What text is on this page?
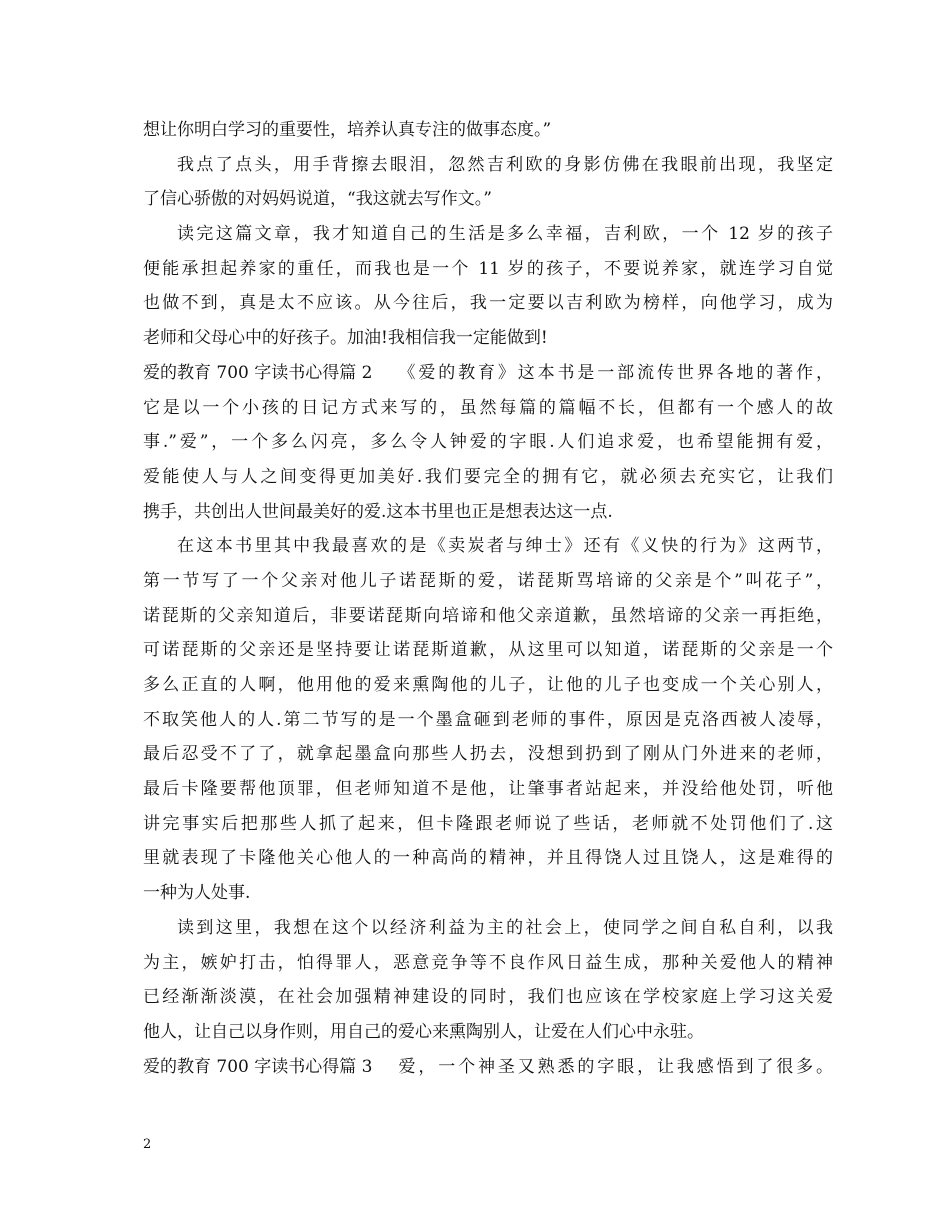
想让你明白学习的重要性，培养认真专注的做事态度。”
我点了点头，用手背擦去眼泪，忽然吉利欧的身影仿佛在我眼前出现，我坚定
了信心骄傲的对妈妈说道，“我这就去写作文。”
读完这篇文章，我才知道自己的生活是多么幸福，吉利欧，一个 12 岁的孩子
便能承担起养家的重任，而我也是一个 11 岁的孩子，不要说养家，就连学习自觉
也做不到，真是太不应该。从今往后，我一定要以吉利欧为榜样，向他学习，成为
老师和父母心中的好孩子。加油!我相信我一定能做到!
爱的教育 700 字读书心得篇 2	《爱的教育》这本书是一部流传世界各地的著作，
它是以一个小孩的日记方式来写的，虽然每篇的篇幅不长，但都有一个感人的故
事.”爱”，一个多么闪亮，多么令人钟爱的字眼.人们追求爱，也希望能拥有爱，
爱能使人与人之间变得更加美好.我们要完全的拥有它，就必须去充实它，让我们
携手，共创出人世间最美好的爱.这本书里也正是想表达这一点.
在这本书里其中我最喜欢的是《卖炭者与绅士》还有《义快的行为》这两节，
第一节写了一个父亲对他儿子诺琵斯的爱，诺琵斯骂培谛的父亲是个”叫花子”，
诺琵斯的父亲知道后，非要诺琵斯向培谛和他父亲道歉，虽然培谛的父亲一再拒绝，
可诺琵斯的父亲还是坚持要让诺琵斯道歉，从这里可以知道，诺琵斯的父亲是一个
多么正直的人啊，他用他的爱来熏陶他的儿子，让他的儿子也变成一个关心别人，
不取笑他人的人.第二节写的是一个墨盒砸到老师的事件，原因是克洛西被人凌辱，
最后忍受不了了，就拿起墨盒向那些人扔去，没想到扔到了刚从门外进来的老师，
最后卡隆要帮他顶罪，但老师知道不是他，让肇事者站起来，并没给他处罚，听他
讲完事实后把那些人抓了起来，但卡隆跟老师说了些话，老师就不处罚他们了.这
里就表现了卡隆他关心他人的一种高尚的精神，并且得饶人过且饶人，这是难得的
一种为人处事.
读到这里，我想在这个以经济利益为主的社会上，使同学之间自私自利，以我
为主，嫉妒打击，怕得罪人，恶意竞争等不良作风日益生成，那种关爱他人的精神
已经渐渐淡漠，在社会加强精神建设的同时，我们也应该在学校家庭上学习这关爱
他人，让自己以身作则，用自己的爱心来熏陶别人，让爱在人们心中永驻。
爱的教育 700 字读书心得篇 3	爱，一个神圣又熟悉的字眼，让我感悟到了很多。
2
